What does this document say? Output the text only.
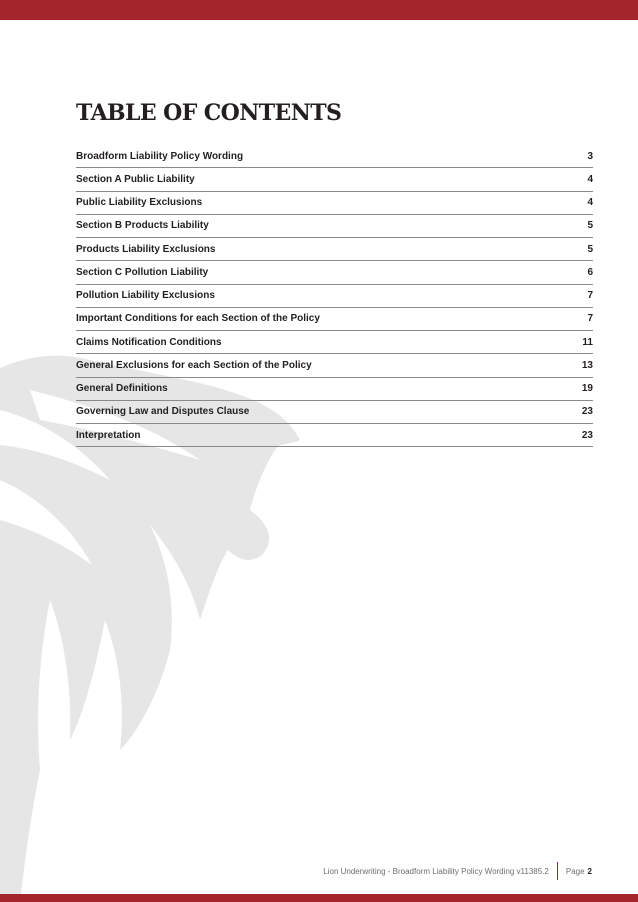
TABLE OF CONTENTS
Broadform Liability Policy Wording	3
Section A Public Liability	4
Public Liability Exclusions	4
Section B Products Liability	5
Products Liability Exclusions	5
Section C Pollution Liability	6
Pollution Liability Exclusions	7
Important Conditions for each Section of the Policy	7
Claims Notification Conditions	11
General Exclusions for each Section of the Policy	13
General Definitions	19
Governing Law and Disputes Clause	23
Interpretation	23
Lion Underwriting - Broadform Liability Policy Wording v11385.2 Page 2
